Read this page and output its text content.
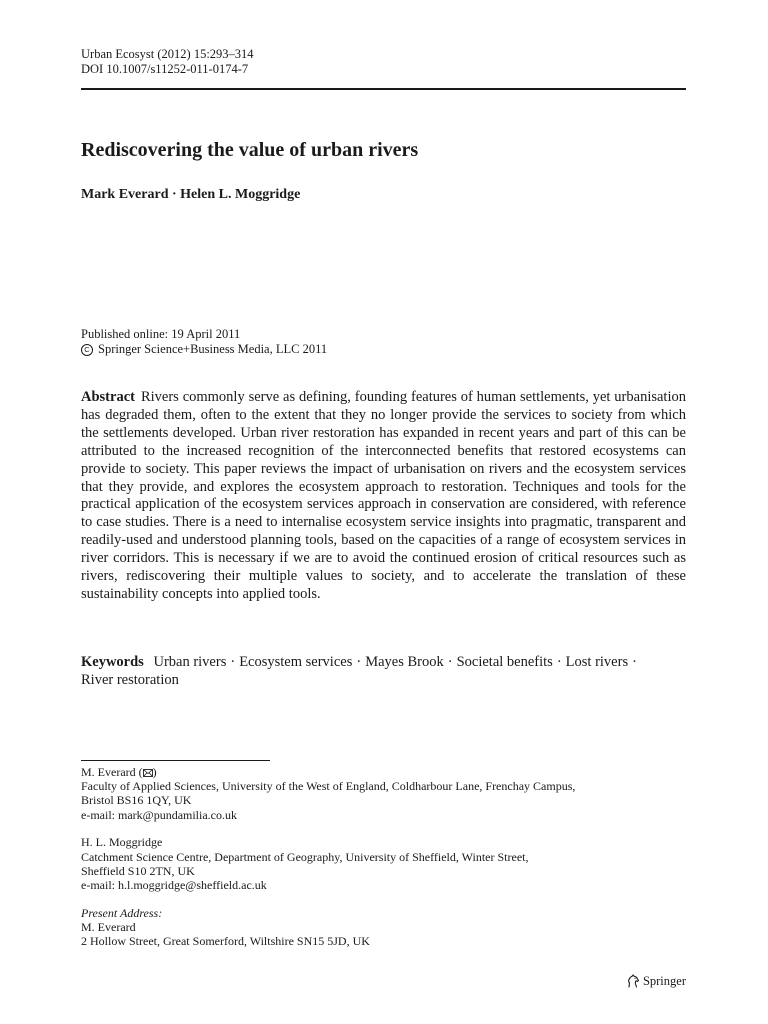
Urban Ecosyst (2012) 15:293–314
DOI 10.1007/s11252-011-0174-7
Rediscovering the value of urban rivers
Mark Everard · Helen L. Moggridge
Published online: 19 April 2011
C Springer Science+Business Media, LLC 2011
Abstract Rivers commonly serve as defining, founding features of human settlements, yet urbanisation has degraded them, often to the extent that they no longer provide the services to society from which the settlements developed. Urban river restoration has expanded in recent years and part of this can be attributed to the increased recognition of the interconnected benefits that restored ecosystems can provide to society. This paper reviews the impact of urbanisation on rivers and the ecosystem services that they provide, and explores the ecosystem approach to restoration. Techniques and tools for the practical application of the ecosystem services approach in conservation are considered, with reference to case studies. There is a need to internalise ecosystem service insights into pragmatic, transparent and readily-used and understood planning tools, based on the capacities of a range of ecosystem services in river corridors. This is necessary if we are to avoid the continued erosion of critical resources such as rivers, rediscovering their multiple values to society, and to accelerate the translation of these sustainability concepts into applied tools.
Keywords Urban rivers · Ecosystem services · Mayes Brook · Societal benefits · Lost rivers ·
River restoration
M. Everard ( )
Faculty of Applied Sciences, University of the West of England, Coldharbour Lane, Frenchay Campus,
Bristol BS16 1QY, UK
e-mail: mark@pundamilia.co.uk
H. L. Moggridge
Catchment Science Centre, Department of Geography, University of Sheffield, Winter Street,
Sheffield S10 2TN, UK
e-mail: h.l.moggridge@sheffield.ac.uk
Present Address:
M. Everard
2 Hollow Street, Great Somerford, Wiltshire SN15 5JD, UK
Springer
